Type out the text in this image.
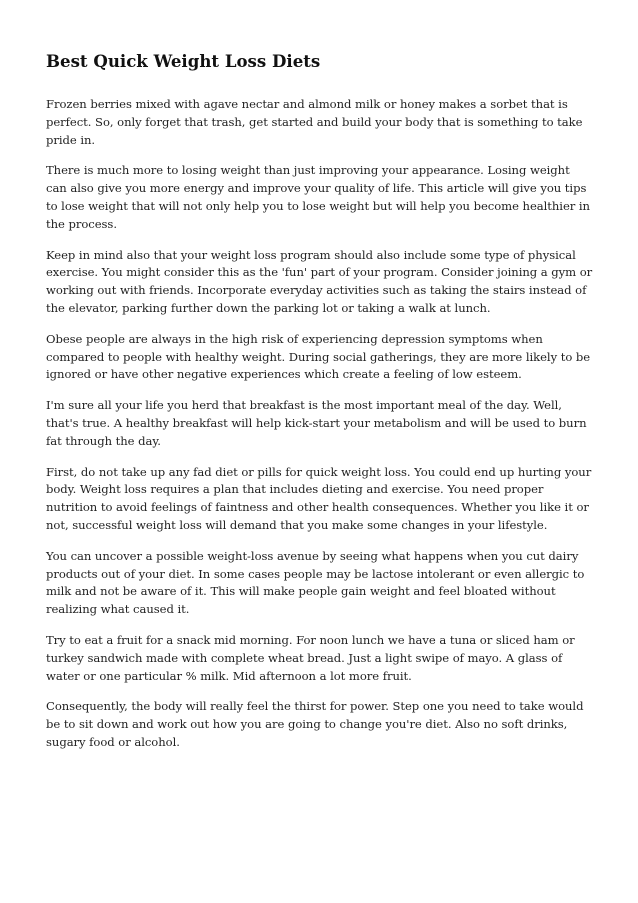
Best Quick Weight Loss Diets

Frozen berries mixed with agave nectar and almond milk or honey makes a sorbet that is perfect. So, only forget that trash, get started and build your body that is something to take pride in.

There is much more to losing weight than just improving your appearance. Losing weight can also give you more energy and improve your quality of life. This article will give you tips to lose weight that will not only help you to lose weight but will help you become healthier in the process.

Keep in mind also that your weight loss program should also include some type of physical exercise. You might consider this as the 'fun' part of your program. Consider joining a gym or working out with friends. Incorporate everyday activities such as taking the stairs instead of the elevator, parking further down the parking lot or taking a walk at lunch.

Obese people are always in the high risk of experiencing depression symptoms when compared to people with healthy weight. During social gatherings, they are more likely to be ignored or have other negative experiences which create a feeling of low esteem.

I'm sure all your life you herd that breakfast is the most important meal of the day. Well, that's true. A healthy breakfast will help kick-start your metabolism and will be used to burn fat through the day.

First, do not take up any fad diet or pills for quick weight loss. You could end up hurting your body. Weight loss requires a plan that includes dieting and exercise. You need proper nutrition to avoid feelings of faintness and other health consequences. Whether you like it or not, successful weight loss will demand that you make some changes in your lifestyle.

You can uncover a possible weight-loss avenue by seeing what happens when you cut dairy products out of your diet. In some cases people may be lactose intolerant or even allergic to milk and not be aware of it. This will make people gain weight and feel bloated without realizing what caused it.

Try to eat a fruit for a snack mid morning. For noon lunch we have a tuna or sliced ham or turkey sandwich made with complete wheat bread. Just a light swipe of mayo. A glass of water or one particular % milk. Mid afternoon a lot more fruit.

Consequently, the body will really feel the thirst for power. Step one you need to take would be to sit down and work out how you are going to change you're diet. Also no soft drinks, sugary food or alcohol.
